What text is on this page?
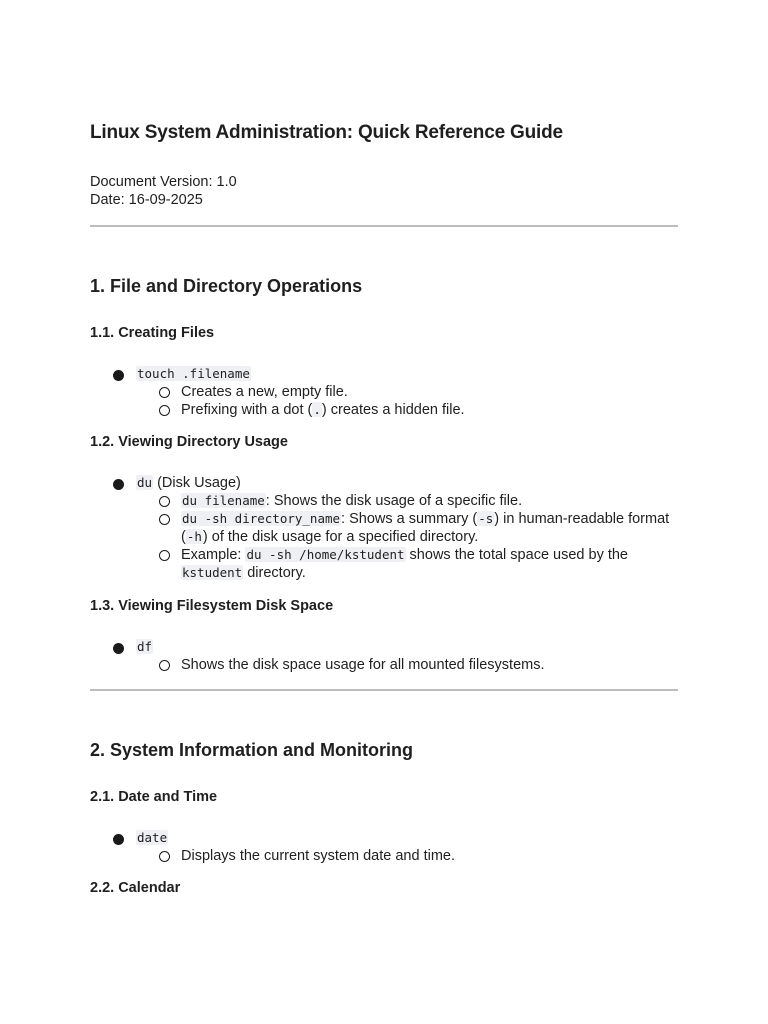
Linux System Administration: Quick Reference Guide
Document Version: 1.0
Date: 16-09-2025
1. File and Directory Operations
1.1. Creating Files
touch .filename
Creates a new, empty file.
Prefixing with a dot (.) creates a hidden file.
1.2. Viewing Directory Usage
du (Disk Usage)
du filename: Shows the disk usage of a specific file.
du -sh directory_name: Shows a summary (-s) in human-readable format (-h) of the disk usage for a specified directory.
Example: du -sh /home/kstudent shows the total space used by the kstudent directory.
1.3. Viewing Filesystem Disk Space
df
Shows the disk space usage for all mounted filesystems.
2. System Information and Monitoring
2.1. Date and Time
date
Displays the current system date and time.
2.2. Calendar
